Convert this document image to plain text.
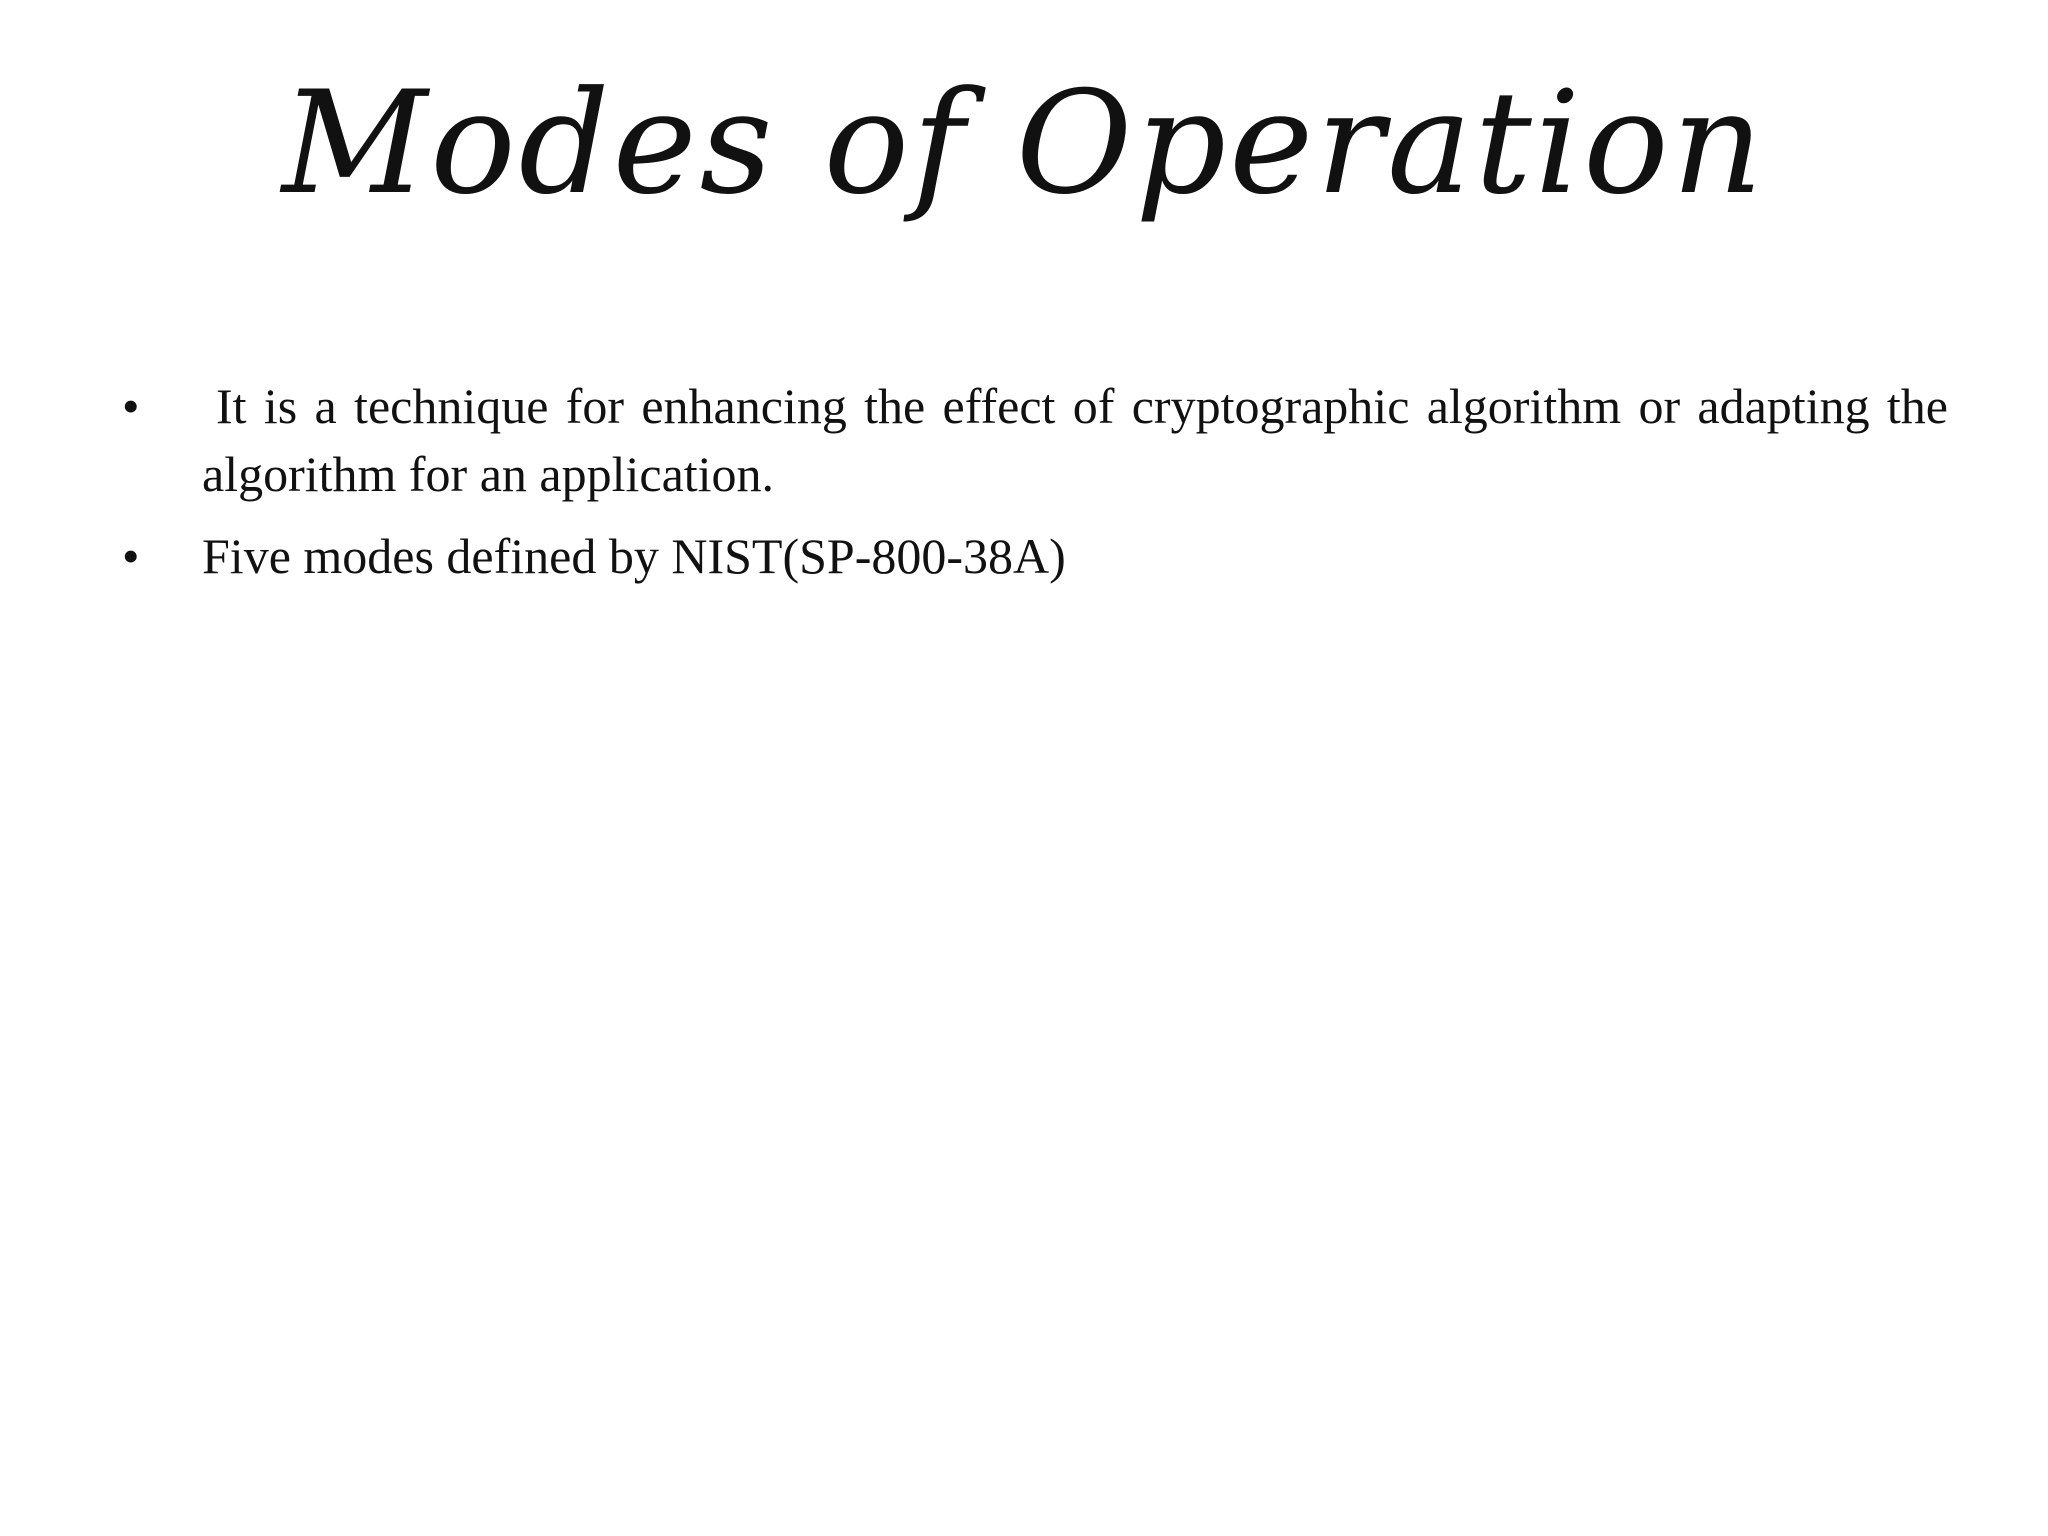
Modes of Operation
•	It is a technique for enhancing the effect of cryptographic algorithm or adapting the algorithm for an application.
•	Five modes defined by NIST(SP-800-38A)
